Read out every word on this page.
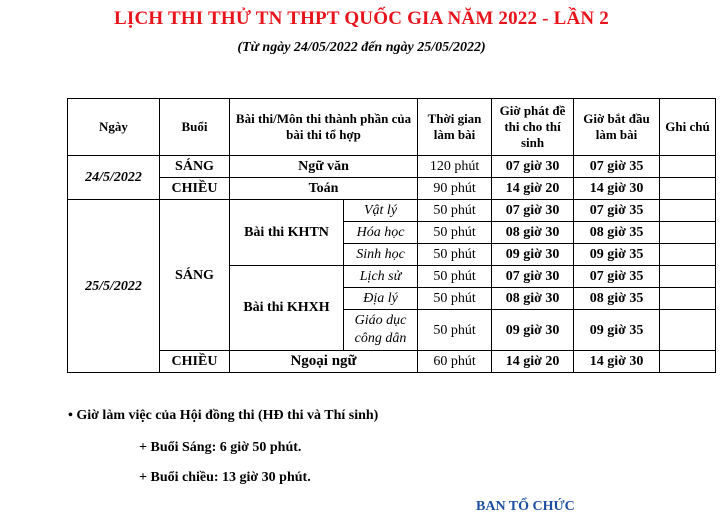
LỊCH THI THỬ TN THPT QUỐC GIA NĂM 2022 - LẦN 2
(Từ ngày 24/05/2022 đến ngày 25/05/2022)
Ngày	Buổi	Bài thi/Môn thi thành phần của bài thi tổ hợp		Thời gian làm bài	Giờ phát đề thi cho thí sinh	Giờ bắt đầu làm bài	Ghi chú
24/5/2022	SÁNG	Ngữ văn		120 phút	07 giờ 30	07 giờ 35	
	CHIỀU	Toán		90 phút	14 giờ 20	14 giờ 30	
25/5/2022	SÁNG	Bài thi KHTN	Vật lý	50 phút	07 giờ 30	07 giờ 35	
			Hóa học	50 phút	08 giờ 30	08 giờ 35	
			Sinh học	50 phút	09 giờ 30	09 giờ 35	
		Bài thi KHXH	Lịch sử	50 phút	07 giờ 30	07 giờ 35	
			Địa lý	50 phút	08 giờ 30	08 giờ 35	
			Giáo dục công dân	50 phút	09 giờ 30	09 giờ 35	
	CHIỀU	Ngoại ngữ		60 phút	14 giờ 20	14 giờ 30	
• Giờ làm việc của Hội đồng thi (HĐ thi và Thí sinh)
+ Buổi Sáng: 6 giờ 50 phút.
+ Buổi chiều: 13 giờ 30 phút.
BAN TỔ CHỨC
